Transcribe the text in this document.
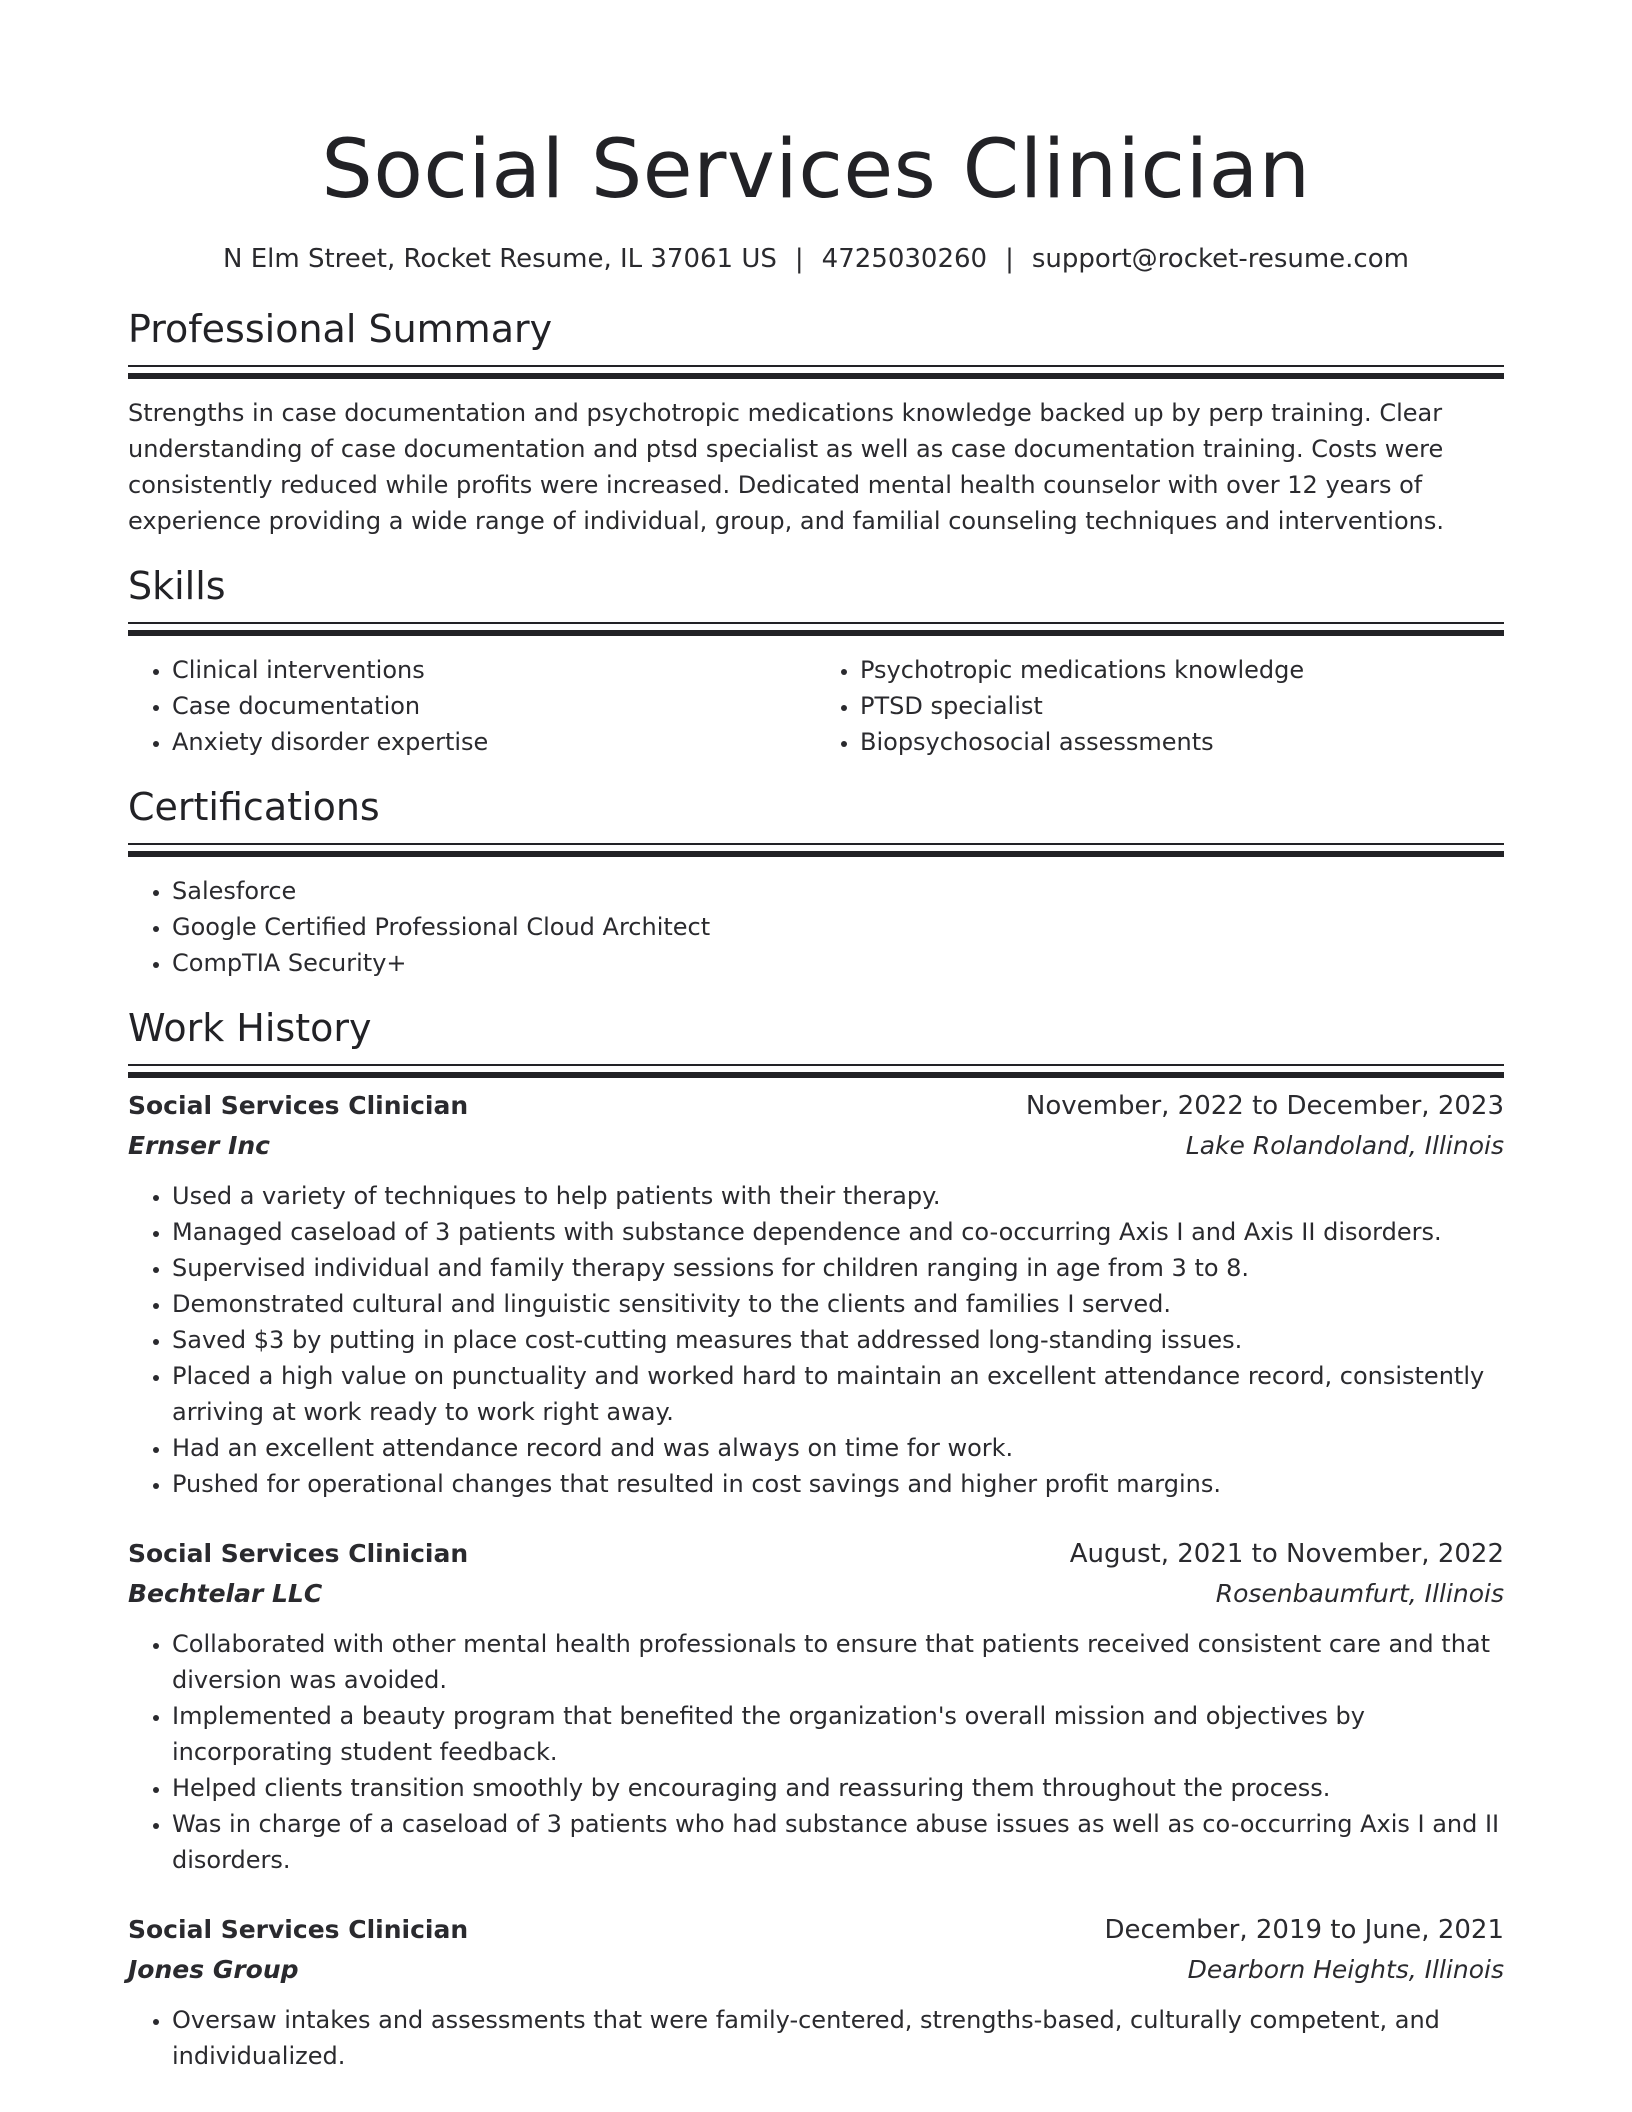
Social Services Clinician
N Elm Street, Rocket Resume, IL 37061 US | 4725030260 | support@rocket-resume.com
Professional Summary

Strengths in case documentation and psychotropic medications knowledge backed up by perp training. Clear understanding of case documentation and ptsd specialist as well as case documentation training. Costs were consistently reduced while profits were increased. Dedicated mental health counselor with over 12 years of experience providing a wide range of individual, group, and familial counseling techniques and interventions.

Skills
• Clinical interventions
• Case documentation
• Anxiety disorder expertise
• Psychotropic medications knowledge
• PTSD specialist
• Biopsychosocial assessments
Certifications
• Salesforce
• Google Certified Professional Cloud Architect
• CompTIA Security+
Work History
Social Services Clinician	November, 2022 to December, 2023
Ernser Inc	Lake Rolandoland, Illinois
• Used a variety of techniques to help patients with their therapy.
• Managed caseload of 3 patients with substance dependence and co-occurring Axis I and Axis II disorders.
• Supervised individual and family therapy sessions for children ranging in age from 3 to 8.
• Demonstrated cultural and linguistic sensitivity to the clients and families I served.
• Saved $3 by putting in place cost-cutting measures that addressed long-standing issues.
• Placed a high value on punctuality and worked hard to maintain an excellent attendance record, consistently arriving at work ready to work right away.
• Had an excellent attendance record and was always on time for work.
• Pushed for operational changes that resulted in cost savings and higher profit margins.
Social Services Clinician	August, 2021 to November, 2022
Bechtelar LLC	Rosenbaumfurt, Illinois
• Collaborated with other mental health professionals to ensure that patients received consistent care and that diversion was avoided.
• Implemented a beauty program that benefited the organization's overall mission and objectives by incorporating student feedback.
• Helped clients transition smoothly by encouraging and reassuring them throughout the process.
• Was in charge of a caseload of 3 patients who had substance abuse issues as well as co-occurring Axis I and II disorders.
Social Services Clinician	December, 2019 to June, 2021
Jones Group	Dearborn Heights, Illinois
• Oversaw intakes and assessments that were family-centered, strengths-based, culturally competent, and individualized.
